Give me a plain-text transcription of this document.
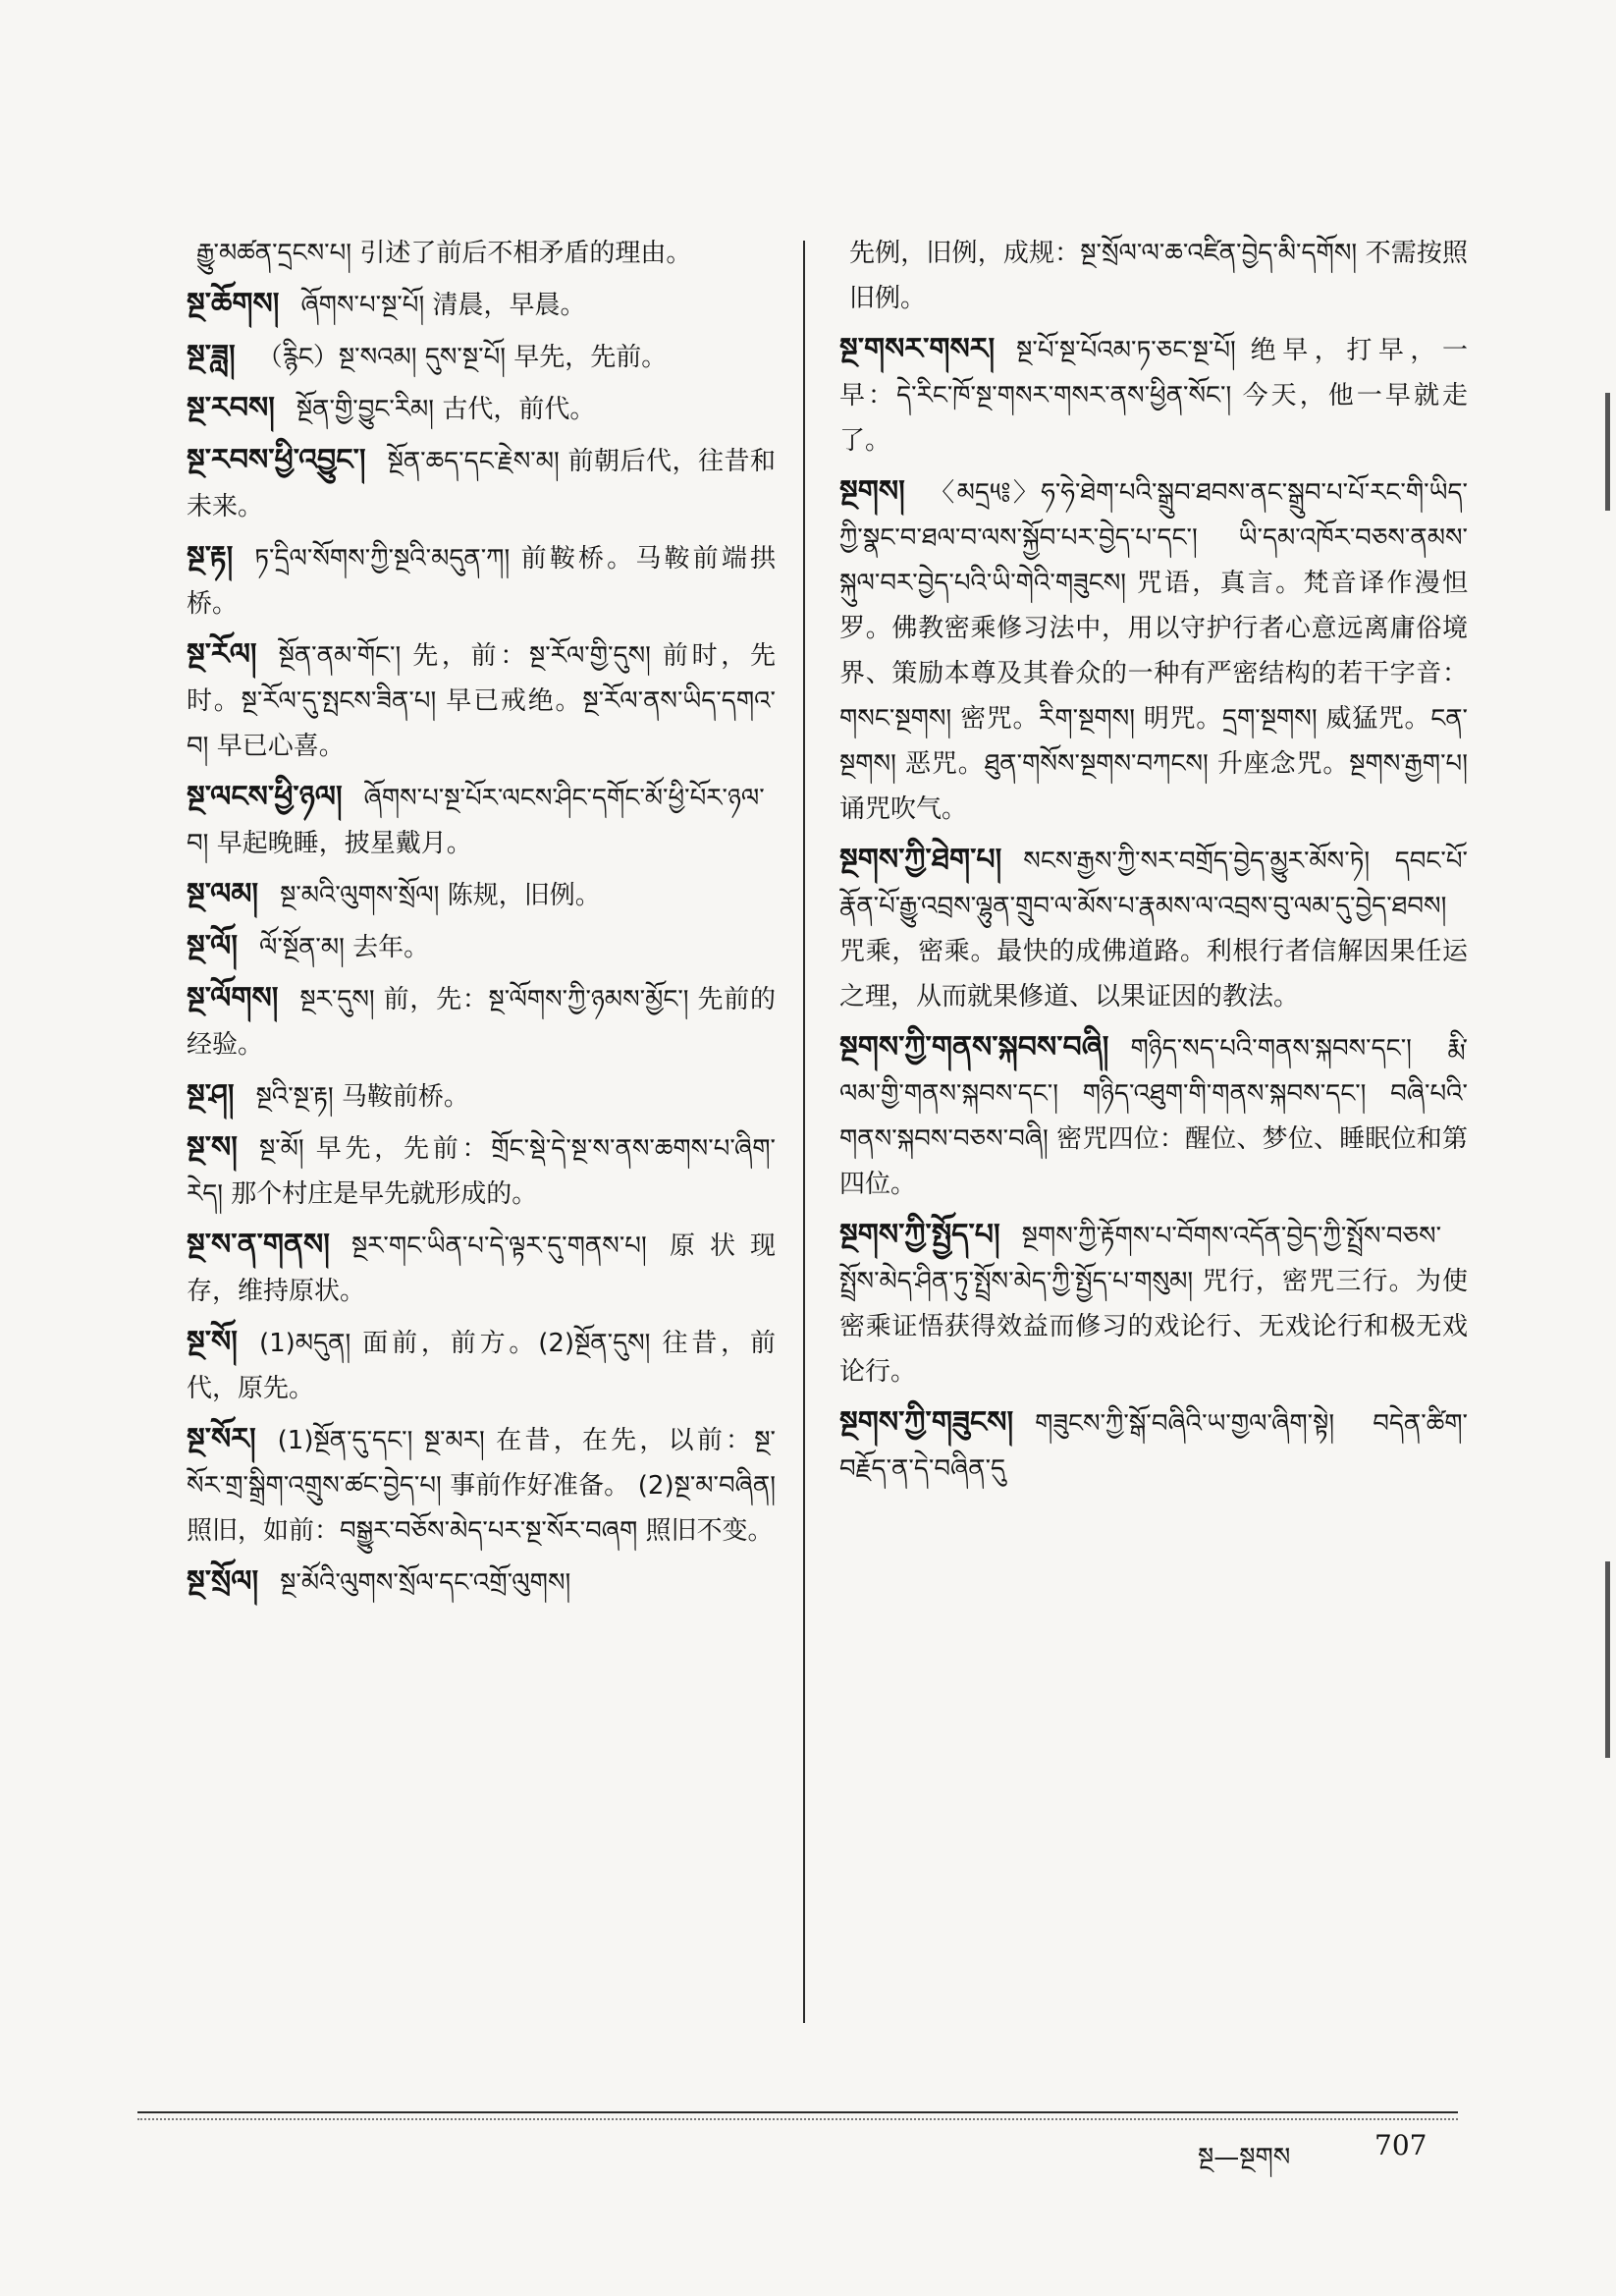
རྒྱུ་མཚན་དྲངས་པ། 引述了前后不相矛盾的理由。

སྔ་ཆོགས། ཞོགས་པ་སྔ་པོ། 清晨，早晨。

སྔ་ཟླ། （རྙིང）སྔ་སའམ། དུས་སྔ་པོ། 早先，先前。

སྔ་རབས། སྔོན་གྱི་བྱུང་རིམ། 古代，前代。

སྔ་རབས་ཕྱི་འབྱུང་། སྔོན་ཆད་དང་རྗེས་མ། 前朝后代，往昔和未来。

སྔ་རྟ། ཏ་དྲིལ་སོགས་ཀྱི་སྔའི་མདུན་ཀ། 前鞍桥。马鞍前端拱桥。

སྔ་རོལ། སྔོན་ནམ་གོང་། 先，前：སྔ་རོལ་གྱི་དུས། 前时，先时。སྔ་རོལ་དུ་སྤངས་ཟིན་པ། 早已戒绝。སྔ་རོལ་ནས་ཡིད་དགའ་བ། 早已心喜。

སྔ་ལངས་ཕྱི་ཉལ། ཞོགས་པ་སྔ་པོར་ལངས་ཤིང་དགོང་མོ་ཕྱི་པོར་ཉལ་བ། 早起晚睡，披星戴月。

སྔ་ལམ། སྔ་མའི་ལུགས་སྲོལ། 陈规，旧例。

སྔ་ལོ། ལོ་སྔོན་མ། 去年。

སྔ་ལོགས། སྔར་དུས། 前，先：སྔ་ལོགས་ཀྱི་ཉམས་མྱོང་། 先前的经验。

སྔ་ཤ། སྔའི་སྔ་རྟ། 马鞍前桥。

སྔ་ས། སྔ་མོ། 早先，先前：གྲོང་སྡེ་དེ་སྔ་ས་ནས་ཆགས་པ་ཞིག་རེད། 那个村庄是早先就形成的。

སྔ་ས་ན་གནས། སྔར་གང་ཡིན་པ་དེ་ལྟར་དུ་གནས་པ། 原状现存，维持原状。

སྔ་སོ། (1)མདུན། 面前，前方。(2)སྔོན་དུས། 往昔，前代，原先。

སྔ་སོར། (1)སྔོན་དུ་དང་། སྔ་མར། 在昔，在先，以前：སྔ་སོར་གྲ་སྒྲིག་འགྲུས་ཚང་བྱེད་པ། 事前作好准备。 (2)སྔ་མ་བཞིན། 照旧，如前：བསྒྱུར་བཅོས་མེད་པར་སྔ་སོར་བཞག 照旧不变。

སྔ་སྲོལ། སྔ་མོའི་ལུགས་སྲོལ་དང་འགྲོ་ལུགས།

先例，旧例，成规：སྔ་སྲོལ་ལ་ཆ་འཛིན་བྱེད་མི་དགོས། 不需按照旧例。

སྔ་གསར་གསར། སྔ་པོ་སྔ་པོའམ་ཏ་ཅང་སྔ་པོ། 绝早，打早，一早：དེ་རིང་ཁོ་སྔ་གསར་གསར་ནས་ཕྱིན་སོང་། 今天，他一早就走了。

སྔགས། 〈མདྲ༥༔〉ཧ་ཧེ་ཐེག་པའི་སྒྲུབ་ཐབས་ནང་སྒྲུབ་པ་པོ་རང་གི་ཡིད་ཀྱི་སྣང་བ་ཐལ་བ་ལས་སྐྱོབ་པར་བྱེད་པ་དང་། ཡི་དམ་འཁོར་བཅས་ནམས་སྐུལ་བར་བྱེད་པའི་ཡི་གེའི་གཟུངས། 咒语，真言。梵音译作漫怛罗。佛教密乘修习法中，用以守护行者心意远离庸俗境界、策励本尊及其眷众的一种有严密结构的若干字音：གསང་སྔགས། 密咒。རིག་སྔགས། 明咒。དྲག་སྔགས། 威猛咒。ངན་སྔགས། 恶咒。ཐུན་གསོས་སྔགས་བཀངས། 升座念咒。སྔགས་རྒྱག་པ། 诵咒吹气。

སྔགས་ཀྱི་ཐེག་པ། སངས་རྒྱས་ཀྱི་སར་བགྲོད་བྱེད་མྱུར་མོས་ཏེ། དབང་པོ་རྣོན་པོ་རྒྱུ་འབྲས་ལྷུན་གྲུབ་ལ་མོས་པ་རྣམས་ལ་འབྲས་བུ་ལམ་དུ་བྱེད་ཐབས། 咒乘，密乘。最快的成佛道路。利根行者信解因果任运之理，从而就果修道、以果证因的教法。

སྔགས་ཀྱི་གནས་སྐབས་བཞི། གཉིད་སད་པའི་གནས་སྐབས་དང་། རྨི་ལམ་གྱི་གནས་སྐབས་དང་། གཉིད་འཐུག་གི་གནས་སྐབས་དང་། བཞི་པའི་གནས་སྐབས་བཅས་བཞི། 密咒四位：醒位、梦位、睡眠位和第四位。

སྔགས་ཀྱི་སྤྱོད་པ། སྔགས་ཀྱི་རྟོགས་པ་བོགས་འདོན་བྱེད་ཀྱི་སྤྲོས་བཅས་སྤྲོས་མེད་ཤིན་ཏུ་སྤྲོས་མེད་ཀྱི་སྤྱོད་པ་གསུམ། 咒行，密咒三行。为使密乘证悟获得效益而修习的戏论行、无戏论行和极无戏论行。

སྔགས་ཀྱི་གཟུངས། གཟུངས་ཀྱི་སྒོ་བཞིའི་ཡ་གྱལ་ཞིག་སྟེ། བདེན་ཚིག་བརྗོད་ན་དེ་བཞིན་དུ

སྔ—སྔགས	707
